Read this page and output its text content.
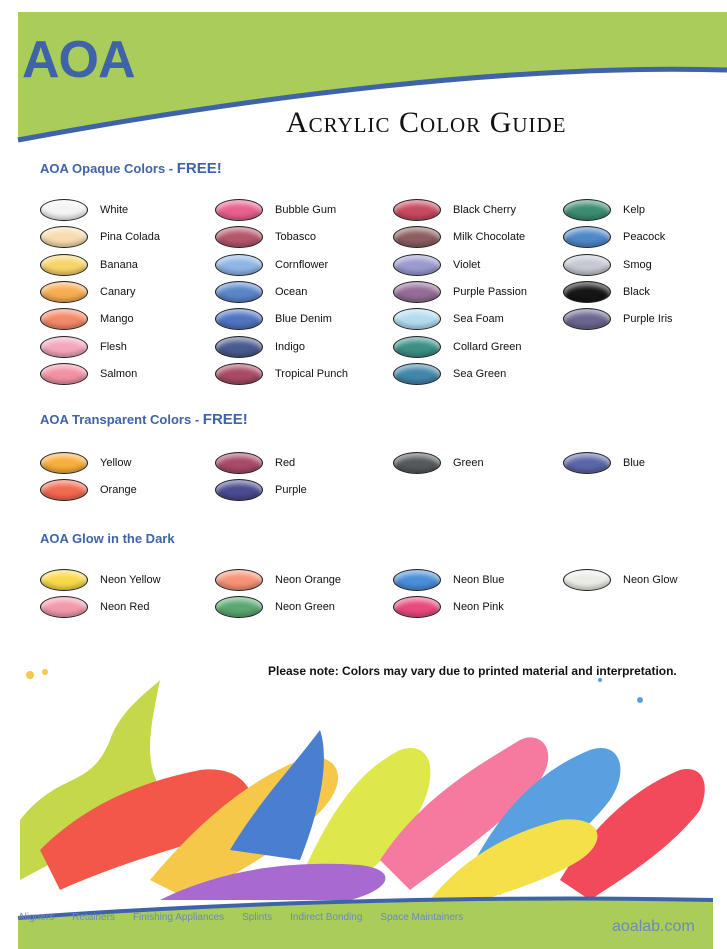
AOA
Acrylic Color Guide
AOA Opaque Colors - FREE!
White
Pina Colada
Banana
Canary
Mango
Flesh
Salmon
Bubble Gum
Tobasco
Cornflower
Ocean
Blue Denim
Indigo
Tropical Punch
Black Cherry
Milk Chocolate
Violet
Purple Passion
Sea Foam
Collard Green
Sea Green
Kelp
Peacock
Smog
Black
Purple Iris
AOA Transparent Colors - FREE!
Yellow
Orange
Red
Purple
Green	Blue
AOA Glow in the Dark
Neon Yellow
Neon Red
Neon Orange
Neon Green
Neon Blue
Neon Pink
Neon Glow
Please note: Colors may vary due to printed material and interpretation.
Aligners Retainers Finishing Appliances Splints Indirect Bonding Space Maintainers
aoalab.com
